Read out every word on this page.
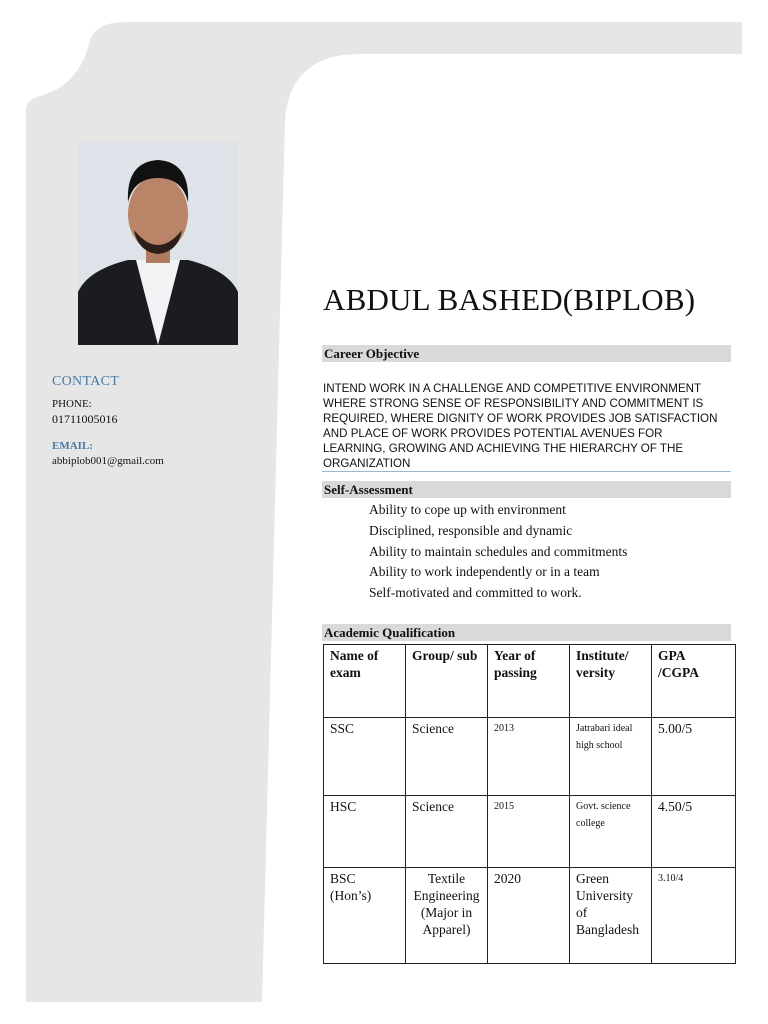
CONTACT
PHONE:
01711005016
EMAIL:
abbiplob001@gmail.com
ABDUL BASHED(BIPLOB)
Career Objective
INTEND WORK IN A CHALLENGE AND COMPETITIVE ENVIRONMENT WHERE STRONG SENSE OF RESPONSIBILITY AND COMMITMENT IS REQUIRED, WHERE DIGNITY OF WORK PROVIDES JOB SATISFACTION AND PLACE OF WORK PROVIDES POTENTIAL AVENUES FOR LEARNING, GROWING AND ACHIEVING THE HIERARCHY OF THE ORGANIZATION
Self-Assessment
Ability to cope up with environment
Disciplined, responsible and dynamic
Ability to maintain schedules and commitments
Ability to work independently or in a team
Self-motivated and committed to work.
Academic Qualification
Name of exam	Group/ sub	Year of passing	Institute/ versity	GPA /CGPA
SSC	Science	2013	Jatrabari ideal high school	5.00/5
HSC	Science	2015	Govt. science college	4.50/5
BSC (Hon’s)	Textile Engineering (Major in Apparel)	2020	Green University of Bangladesh	3.10/4
